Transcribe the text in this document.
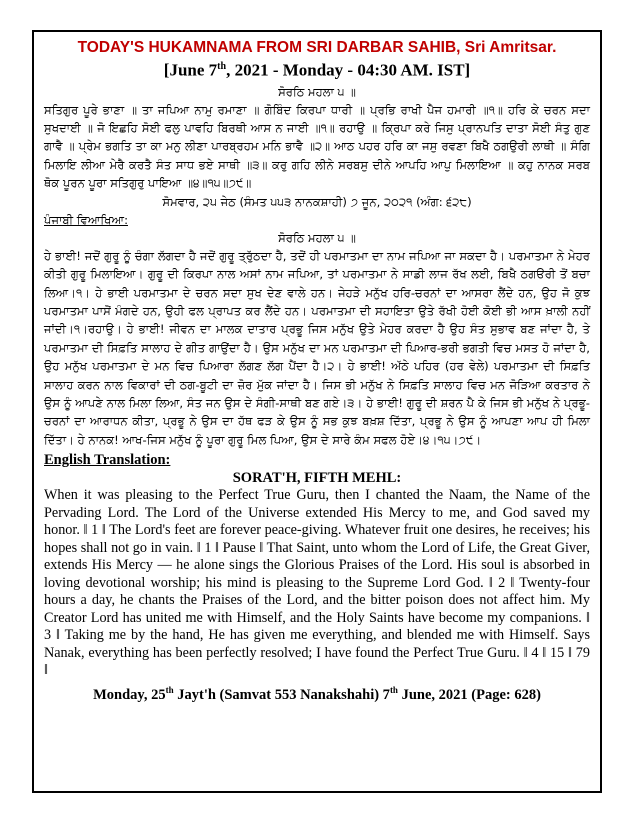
TODAY'S HUKAMNAMA FROM SRI DARBAR SAHIB, Sri Amritsar.

[June 7th, 2021 - Monday - 04:30 AM. IST]

ਸੋਰਠਿ ਮਹਲਾ ੫ ॥

ਸਤਿਗੁਰ ਪੂਰੇ ਭਾਣਾ ॥ ਤਾ ਜਪਿਆ ਨਾਮੁ ਰਮਾਣਾ ॥ ਗੋਬਿੰਦ ਕਿਰਪਾ ਧਾਰੀ ॥ ਪ੍ਰਭਿ ਰਾਖੀ ਪੈਜ ਹਮਾਰੀ ॥੧॥ ਹਰਿ ਕੇ ਚਰਨ ਸਦਾ ਸੁਖਦਾਈ ॥ ਜੋ ਇਛਹਿ ਸੋਈ ਫਲੁ ਪਾਵਹਿ ਬਿਰਥੀ ਆਸ ਨ ਜਾਈ ॥੧॥ ਰਹਾਉ ॥ ਕ੍ਰਿਪਾ ਕਰੇ ਜਿਸੁ ਪ੍ਰਾਨਪਤਿ ਦਾਤਾ ਸੋਈ ਸੰਤੁ ਗੁਣ ਗਾਵੈ ॥ ਪ੍ਰੇਮ ਭਗਤਿ ਤਾ ਕਾ ਮਨੁ ਲੀਣਾ ਪਾਰਬ੍ਰਹਮ ਮਨਿ ਭਾਵੈ ॥੨॥ ਆਠ ਪਹਰ ਹਰਿ ਕਾ ਜਸੁ ਰਵਣਾ ਬਿਖੈ ਠਗਉਰੀ ਲਾਥੀ ॥ ਸੰਗਿ ਮਿਲਾਇ ਲੀਆ ਮੇਰੈ ਕਰਤੈ ਸੰਤ ਸਾਧ ਭਏ ਸਾਥੀ ॥੩॥ ਕਰੁ ਗਹਿ ਲੀਨੇ ਸਰਬਸੁ ਦੀਨੇ ਆਪਹਿ ਆਪੁ ਮਿਲਾਇਆ ॥ ਕਹੁ ਨਾਨਕ ਸਰਬ ਥੋਕ ਪੂਰਨ ਪੂਰਾ ਸਤਿਗੁਰੁ ਪਾਇਆ ॥੪॥੧੫॥੭੯॥

ਸੋਮਵਾਰ, ੨੫ ਜੇਠ (ਸੰਮਤ ੫੫੩ ਨਾਨਕਸ਼ਾਹੀ) ੭ ਜੂਨ, ੨੦੨੧ (ਅੰਗ: ੬੨੮)

ਪੰਜਾਬੀ ਵਿਆਖਿਆ:

ਸੋਰਠਿ ਮਹਲਾ ੫ ॥

ਹੇ ਭਾਈ! ਜਦੋਂ ਗੁਰੂ ਨੂੰ ਚੰਗਾ ਲੱਗਦਾ ਹੈ ਜਦੋਂ ਗੁਰੂ ਤ੍ਰੁੱਠਦਾ ਹੈ, ਤਦੋਂ ਹੀ ਪਰਮਾਤਮਾ ਦਾ ਨਾਮ ਜਪਿਆ ਜਾ ਸਕਦਾ ਹੈ। ਪਰਮਾਤਮਾ ਨੇ ਮੇਹਰ ਕੀਤੀ ਗੁਰੂ ਮਿਲਾਇਆ। ਗੁਰੂ ਦੀ ਕਿਰਪਾ ਨਾਲ ਅਸਾਂ ਨਾਮ ਜਪਿਆ, ਤਾਂ ਪਰਮਾਤਮਾ ਨੇ ਸਾਡੀ ਲਾਜ ਰੱਖ ਲਈ, ਬਿਖੈ ਠਗੳਰੀ ਤੋਂ ਬਚਾ ਲਿਆ।੧। ਹੇ ਭਾਈ ਪਰਮਾਤਮਾ ਦੇ ਚਰਨ ਸਦਾ ਸੁਖ ਦੇਣ ਵਾਲੇ ਹਨ। ਜੇਹੜੇ ਮਨੁੱਖ ਹਰਿ-ਚਰਨਾਂ ਦਾ ਆਸਰਾ ਲੈਂਦੇ ਹਨ, ਉਹ ਜੋ ਕੁਝ ਪਰਮਾਤਮਾ ਪਾਸੋਂ ਮੰਗਦੇ ਹਨ, ਉਹੀ ਫਲ ਪ੍ਰਾਪਤ ਕਰ ਲੈਂਦੇ ਹਨ। ਪਰਮਾਤਮਾ ਦੀ ਸਹਾਇਤਾ ਉਤੇ ਰੱਖੀ ਹੋਈ ਕੋਈ ਭੀ ਆਸ ਖ਼ਾਲੀ ਨਹੀਂ ਜਾਂਦੀ।੧।ਰਹਾਉ। ਹੇ ਭਾਈ! ਜੀਵਨ ਦਾ ਮਾਲਕ ਦਾਤਾਰ ਪ੍ਰਭੂ ਜਿਸ ਮਨੁੱਖ ਉਤੇ ਮੇਹਰ ਕਰਦਾ ਹੈ ਉਹ ਸੰਤ ਸੁਭਾਵ ਬਣ ਜਾਂਦਾ ਹੈ, ਤੇ ਪਰਮਾਤਮਾ ਦੀ ਸਿਫ਼ਤਿ ਸਾਲਾਹ ਦੇ ਗੀਤ ਗਾਉਂਦਾ ਹੈ। ਉਸ ਮਨੁੱਖ ਦਾ ਮਨ ਪਰਮਾਤਮਾ ਦੀ ਪਿਆਰ-ਭਰੀ ਭਗਤੀ ਵਿਚ ਮਸਤ ਹੋ ਜਾਂਦਾ ਹੈ, ਉਹ ਮਨੁੱਖ ਪਰਮਾਤਮਾ ਦੇ ਮਨ ਵਿਚ ਪਿਆਰਾ ਲੱਗਣ ਲੱਗ ਪੈਂਦਾ ਹੈ।੨। ਹੇ ਭਾਈ! ਅੱਠੇ ਪਹਿਰ (ਹਰ ਵੇਲੇ) ਪਰਮਾਤਮਾ ਦੀ ਸਿਫ਼ਤਿ ਸਾਲਾਹ ਕਰਨ ਨਾਲ ਵਿਕਾਰਾਂ ਦੀ ਠਗ-ਬੂਟੀ ਦਾ ਜ਼ੋਰ ਮੁੱਕ ਜਾਂਦਾ ਹੈ। ਜਿਸ ਭੀ ਮਨੁੱਖ ਨੇ ਸਿਫ਼ਤਿ ਸਾਲਾਹ ਵਿਚ ਮਨ ਜੋੜਿਆ ਕਰਤਾਰ ਨੇ ਉਸ ਨੂੰ ਆਪਣੇ ਨਾਲ ਮਿਲਾ ਲਿਆ, ਸੰਤ ਜਨ ਉਸ ਦੇ ਸੰਗੀ-ਸਾਥੀ ਬਣ ਗਏ।੩। ਹੇ ਭਾਈ! ਗੁਰੂ ਦੀ ਸ਼ਰਨ ਪੈ ਕੇ ਜਿਸ ਭੀ ਮਨੁੱਖ ਨੇ ਪ੍ਰਭੂ-ਚਰਨਾਂ ਦਾ ਆਰਾਧਨ ਕੀਤਾ, ਪ੍ਰਭੂ ਨੇ ਉਸ ਦਾ ਹੱਥ ਫੜ ਕੇ ਉਸ ਨੂੰ ਸਭ ਕੁਝ ਬਖ਼ਸ਼ ਦਿੱਤਾ, ਪ੍ਰਭੂ ਨੇ ਉਸ ਨੂੰ ਆਪਣਾ ਆਪ ਹੀ ਮਿਲਾ ਦਿੱਤਾ। ਹੇ ਨਾਨਕ! ਆਖ-ਜਿਸ ਮਨੁੱਖ ਨੂੰ ਪੂਰਾ ਗੁਰੂ ਮਿਲ ਪਿਆ, ਉਸ ਦੇ ਸਾਰੇ ਕੰਮ ਸਫਲ ਹੋਏ।੪।੧੫।੭੯।

English Translation:

SORAT'H, FIFTH MEHL:

When it was pleasing to the Perfect True Guru, then I chanted the Naam, the Name of the Pervading Lord. The Lord of the Universe extended His Mercy to me, and God saved my honor. ‖ 1 ‖ The Lord's feet are forever peace-giving. Whatever fruit one desires, he receives; his hopes shall not go in vain. ‖ 1 ‖ Pause ‖ That Saint, unto whom the Lord of Life, the Great Giver, extends His Mercy — he alone sings the Glorious Praises of the Lord. His soul is absorbed in loving devotional worship; his mind is pleasing to the Supreme Lord God. ‖ 2 ‖ Twenty-four hours a day, he chants the Praises of the Lord, and the bitter poison does not affect him. My Creator Lord has united me with Himself, and the Holy Saints have become my companions. ‖ 3 ‖ Taking me by the hand, He has given me everything, and blended me with Himself. Says Nanak, everything has been perfectly resolved; I have found the Perfect True Guru. ‖ 4 ‖ 15 ‖ 79 ‖

Monday, 25th Jayt'h (Samvat 553 Nanakshahi) 7th June, 2021 (Page: 628)
